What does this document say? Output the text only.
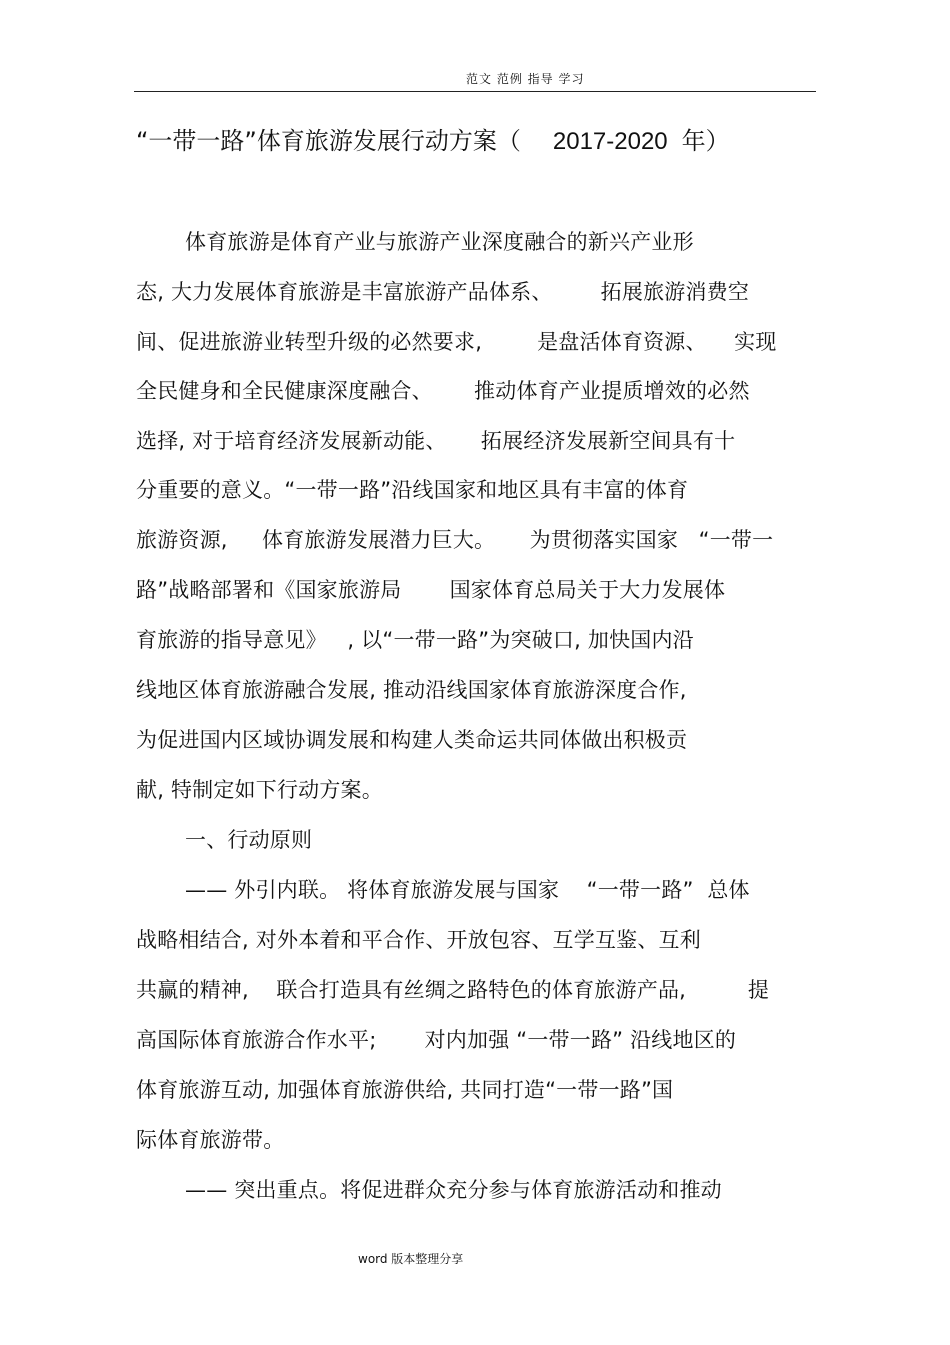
范文 范例 指导 学习
“一带一路”体育旅游发展行动方案（ 2017-2020 年）
体育旅游是体育产业与旅游产业深度融合的新兴产业形
态, 大力发展体育旅游是丰富旅游产品体系、       拓展旅游消费空
间、促进旅游业转型升级的必然要求,        是盘活体育资源、    实现
全民健身和全民健康深度融合、      推动体育产业提质增效的必然
选择, 对于培育经济发展新动能、     拓展经济发展新空间具有十
分重要的意义。“一带一路”沿线国家和地区具有丰富的体育
旅游资源,     体育旅游发展潜力巨大。     为贯彻落实国家   “一带一
路”战略部署和《国家旅游局       国家体育总局关于大力发展体
育旅游的指导意见》   , 以“一带一路”为突破口, 加快国内沿
线地区体育旅游融合发展, 推动沿线国家体育旅游深度合作,
为促进国内区域协调发展和构建人类命运共同体做出积极贡
献, 特制定如下行动方案。
一、行动原则
—— 外引内联。 将体育旅游发展与国家    “一带一路”  总体
战略相结合, 对外本着和平合作、开放包容、互学互鉴、互利
共赢的精神,    联合打造具有丝绸之路特色的体育旅游产品,         提
高国际体育旅游合作水平;       对内加强 “一带一路” 沿线地区的
体育旅游互动, 加强体育旅游供给, 共同打造“一带一路”国
际体育旅游带。
—— 突出重点。将促进群众充分参与体育旅游活动和推动
word 版本整理分享
